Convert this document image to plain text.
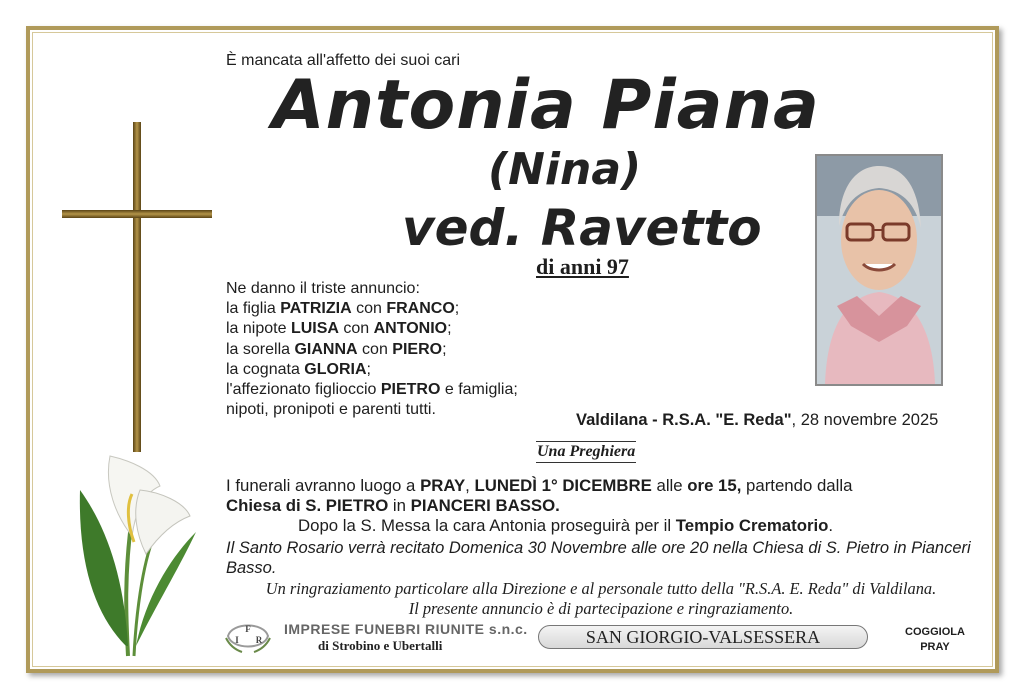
È mancata all'affetto dei suoi cari
Antonia Piana
(Nina)
ved. Ravetto
di anni 97
Ne danno il triste annuncio:
la figlia PATRIZIA con FRANCO;
la nipote LUISA con ANTONIO;
la sorella GIANNA con PIERO;
la cognata GLORIA;
l'affezionato figlioccio PIETRO e famiglia;
nipoti, pronipoti e parenti tutti.
Valdilana - R.S.A. "E. Reda", 28 novembre 2025
Una Preghiera
I funerali avranno luogo a PRAY, LUNEDÌ 1° DICEMBRE alle ore 15, partendo dalla
Chiesa di S. PIETRO in PIANCERI BASSO.
Dopo la S. Messa la cara Antonia proseguirà per il Tempio Crematorio.
Il Santo Rosario verrà recitato Domenica 30 Novembre alle ore 20 nella Chiesa di S. Pietro in Pianceri Basso.
Un ringraziamento particolare alla Direzione e al personale tutto della "R.S.A. E. Reda" di Valdilana.
Il presente annuncio è di partecipazione e ringraziamento.
F
I R
IMPRESE FUNEBRI RIUNITE s.n.c.
di Strobino e Ubertalli	SAN GIORGIO-VALSESSERA	COGGIOLA
PRAY
